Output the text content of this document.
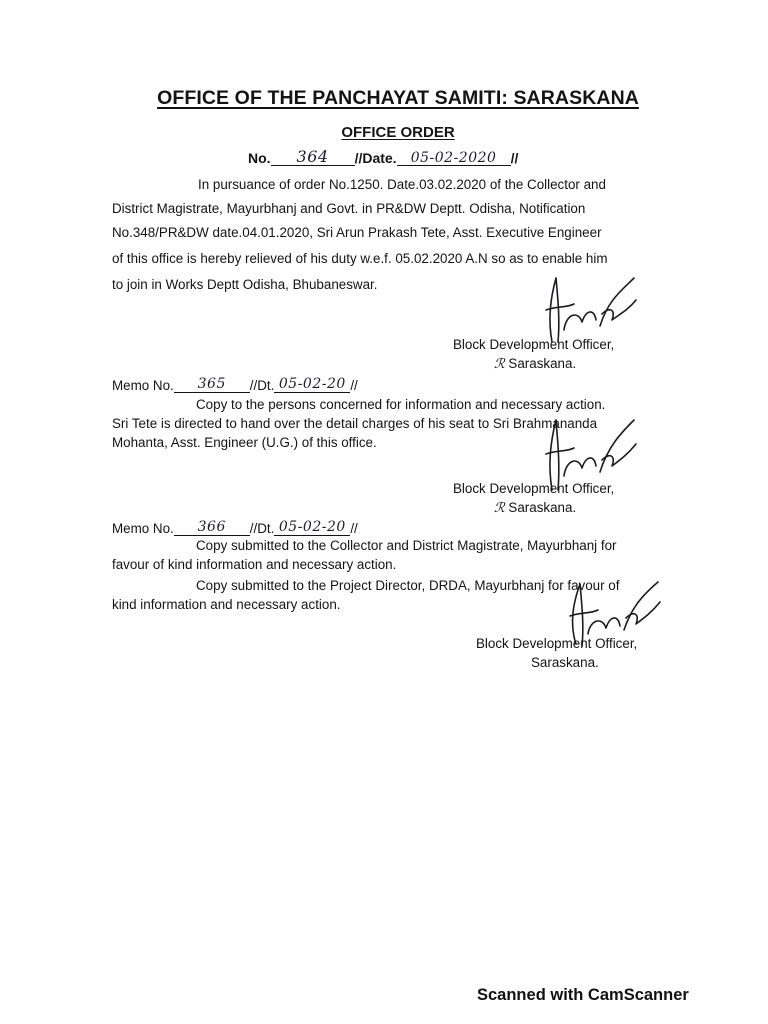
OFFICE OF THE PANCHAYAT SAMITI: SARASKANA
OFFICE ORDER
No. 364 //Date. 05-02-2020 //
In pursuance of order No.1250. Date.03.02.2020 of the Collector and
District Magistrate, Mayurbhanj and Govt. in PR&DW Deptt. Odisha, Notification
No.348/PR&DW date.04.01.2020, Sri Arun Prakash Tete, Asst. Executive Engineer
of this office is hereby relieved of his duty w.e.f. 05.02.2020 A.N so as to enable him
to join in Works Deptt Odisha, Bhubaneswar.
Block Development Officer,
ℛ Saraskana.
Memo No. 365 //Dt. 05-02-20 //
Copy to the persons concerned for information and necessary action.
Sri Tete is directed to hand over the detail charges of his seat to Sri Brahmananda
Mohanta, Asst. Engineer (U.G.) of this office.
Block Development Officer,
ℛ Saraskana.
Memo No. 366 //Dt. 05-02-20 //
Copy submitted to the Collector and District Magistrate, Mayurbhanj for
favour of kind information and necessary action.
Copy submitted to the Project Director, DRDA, Mayurbhanj for favour of
kind information and necessary action.
Block Development Officer,
Saraskana.
Scanned with CamScanner
